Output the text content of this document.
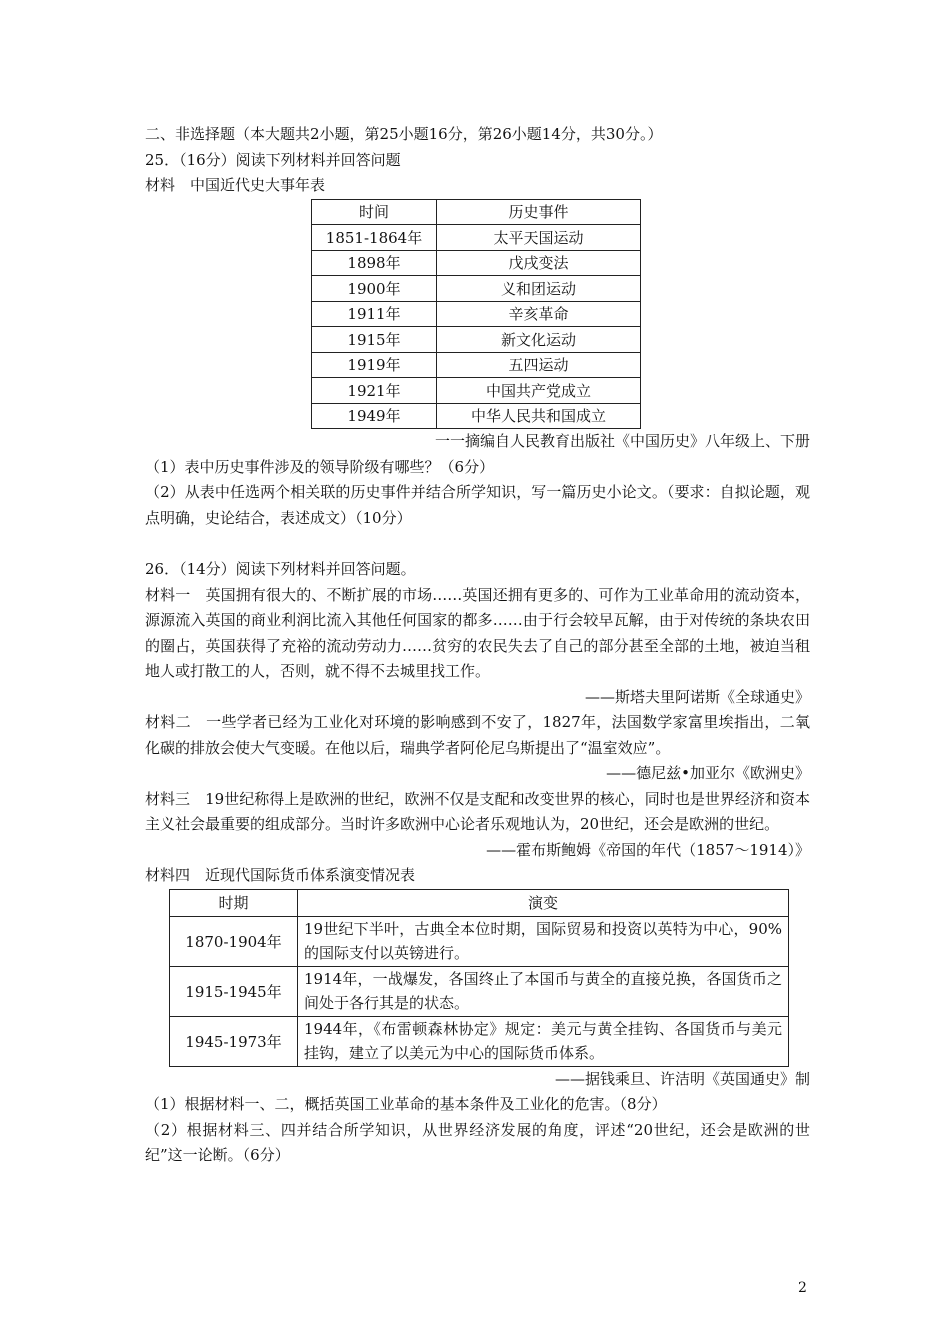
二、非选择题（本大题共2小题，第25小题16分，第26小题14分，共30分。）
25．（16分）阅读下列材料并回答问题
材料　中国近代史大事年表
时间	历史事件
1851-1864年	太平天国运动
1898年	戊戌变法
1900年	义和团运动
1911年	辛亥革命
1915年	新文化运动
1919年	五四运动
1921年	中国共产党成立
1949年	中华人民共和国成立
一一摘编自人民教育出版社《中国历史》八年级上、下册
（1）表中历史事件涉及的领导阶级有哪些？（6分）
（2）从表中任选两个相关联的历史事件并结合所学知识，写一篇历史小论文。（要求：自拟论题，观点明确，史论结合，表述成文）（10分）
26．（14分）阅读下列材料并回答问题。
材料一　英国拥有很大的、不断扩展的市场……英国还拥有更多的、可作为工业革命用的流动资本，源源流入英国的商业利润比流入其他任何国家的都多……由于行会较早瓦解，由于对传统的条块农田的圈占，英国获得了充裕的流动劳动力……贫穷的农民失去了自己的部分甚至全部的土地，被迫当租地人或打散工的人，否则，就不得不去城里找工作。
——斯塔夫里阿诺斯《全球通史》
材料二　一些学者已经为工业化对环境的影响感到不安了，1827年，法国数学家富里埃指出，二氧化碳的排放会使大气变暖。在他以后，瑞典学者阿伦尼乌斯提出了“温室效应”。
——德尼兹•加亚尔《欧洲史》
材料三　19世纪称得上是欧洲的世纪，欧洲不仅是支配和改变世界的核心，同时也是世界经济和资本主义社会最重要的组成部分。当时许多欧洲中心论者乐观地认为，20世纪，还会是欧洲的世纪。
——霍布斯鲍姆《帝国的年代（1857～1914）》
材料四　近现代国际货币体系演变情况表
时期	演变
1870-1904年	19世纪下半叶，古典全本位时期，国际贸易和投资以英特为中心，90%的国际支付以英镑进行。
1915-1945年	1914年，一战爆发，各国终止了本国币与黄全的直接兑换，各国货币之间处于各行其是的状态。
1945-1973年	1944年，《布雷顿森林协定》规定：美元与黄全挂钩、各国货币与美元挂钩，建立了以美元为中心的国际货币体系。
——据钱乘旦、许洁明《英国通史》制
（1）根据材料一、二，概括英国工业革命的基本条件及工业化的危害。（8分）
（2）根据材料三、四并结合所学知识，从世界经济发展的角度，评述“20世纪，还会是欧洲的世纪”这一论断。（6分）
2
